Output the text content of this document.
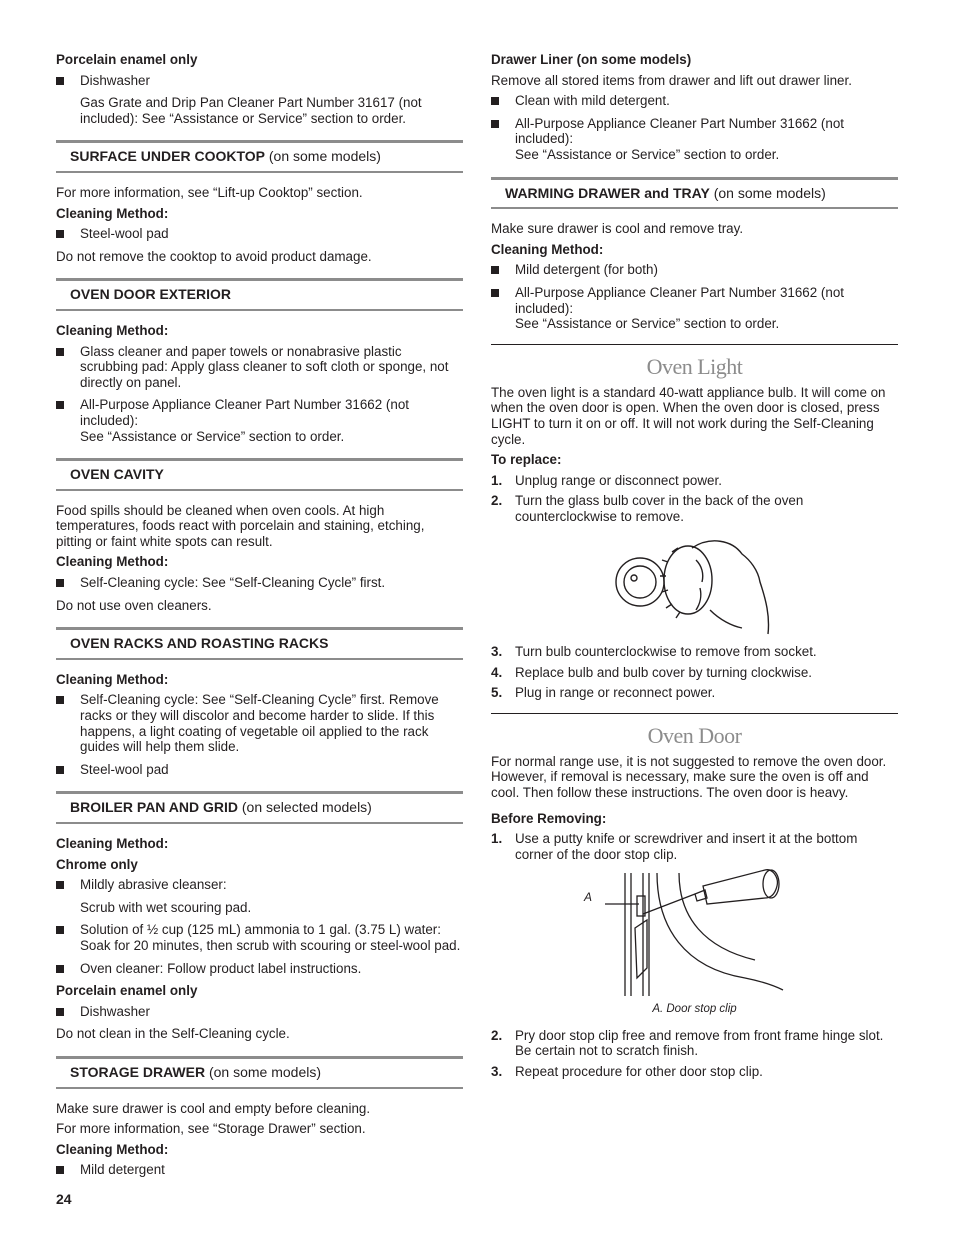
Porcelain enamel only

Dishwasher
Gas Grate and Drip Pan Cleaner Part Number 31617 (not included): See “Assistance or Service” section to order.
SURFACE UNDER COOKTOP (on some models)

For more information, see “Lift-up Cooktop” section.

Cleaning Method:

Steel-wool pad

Do not remove the cooktop to avoid product damage.

OVEN DOOR EXTERIOR

Cleaning Method:

Glass cleaner and paper towels or nonabrasive plastic scrubbing pad: Apply glass cleaner to soft cloth or sponge, not directly on panel.
All-Purpose Appliance Cleaner Part Number 31662 (not included):
See “Assistance or Service” section to order.
OVEN CAVITY

Food spills should be cleaned when oven cools. At high temperatures, foods react with porcelain and staining, etching, pitting or faint white spots can result.

Cleaning Method:

Self-Cleaning cycle: See “Self-Cleaning Cycle” first.

Do not use oven cleaners.

OVEN RACKS AND ROASTING RACKS

Cleaning Method:

Self-Cleaning cycle: See “Self-Cleaning Cycle” first. Remove racks or they will discolor and become harder to slide. If this happens, a light coating of vegetable oil applied to the rack guides will help them slide.
Steel-wool pad
BROILER PAN AND GRID (on selected models)

Cleaning Method:

Chrome only

Mildly abrasive cleanser:
Scrub with wet scouring pad.
Solution of ½ cup (125 mL) ammonia to 1 gal. (3.75 L) water: Soak for 20 minutes, then scrub with scouring or steel-wool pad.
Oven cleaner: Follow product label instructions.

Porcelain enamel only

Dishwasher

Do not clean in the Self-Cleaning cycle.

STORAGE DRAWER (on some models)

Make sure drawer is cool and empty before cleaning.

For more information, see “Storage Drawer” section.

Cleaning Method:

Mild detergent

Drawer Liner (on some models)

Remove all stored items from drawer and lift out drawer liner.

Clean with mild detergent.
All-Purpose Appliance Cleaner Part Number 31662 (not included):
See “Assistance or Service” section to order.
WARMING DRAWER and TRAY (on some models)

Make sure drawer is cool and remove tray.

Cleaning Method:

Mild detergent (for both)
All-Purpose Appliance Cleaner Part Number 31662 (not included):
See “Assistance or Service” section to order.
Oven Light

The oven light is a standard 40-watt appliance bulb. It will come on when the oven door is open. When the oven door is closed, press LIGHT to turn it on or off. It will not work during the Self-Cleaning cycle.

To replace:

1. Unplug range or disconnect power.
2. Turn the glass bulb cover in the back of the oven counterclockwise to remove.
3. Turn bulb counterclockwise to remove from socket.
4. Replace bulb and bulb cover by turning clockwise.
5. Plug in range or reconnect power.
Oven Door

For normal range use, it is not suggested to remove the oven door. However, if removal is necessary, make sure the oven is off and cool. Then follow these instructions. The oven door is heavy.

Before Removing:

1. Use a putty knife or screwdriver and insert it at the bottom corner of the door stop clip.
A
A. Door stop clip
2. Pry door stop clip free and remove from front frame hinge slot. Be certain not to scratch finish.
3. Repeat procedure for other door stop clip.
24
